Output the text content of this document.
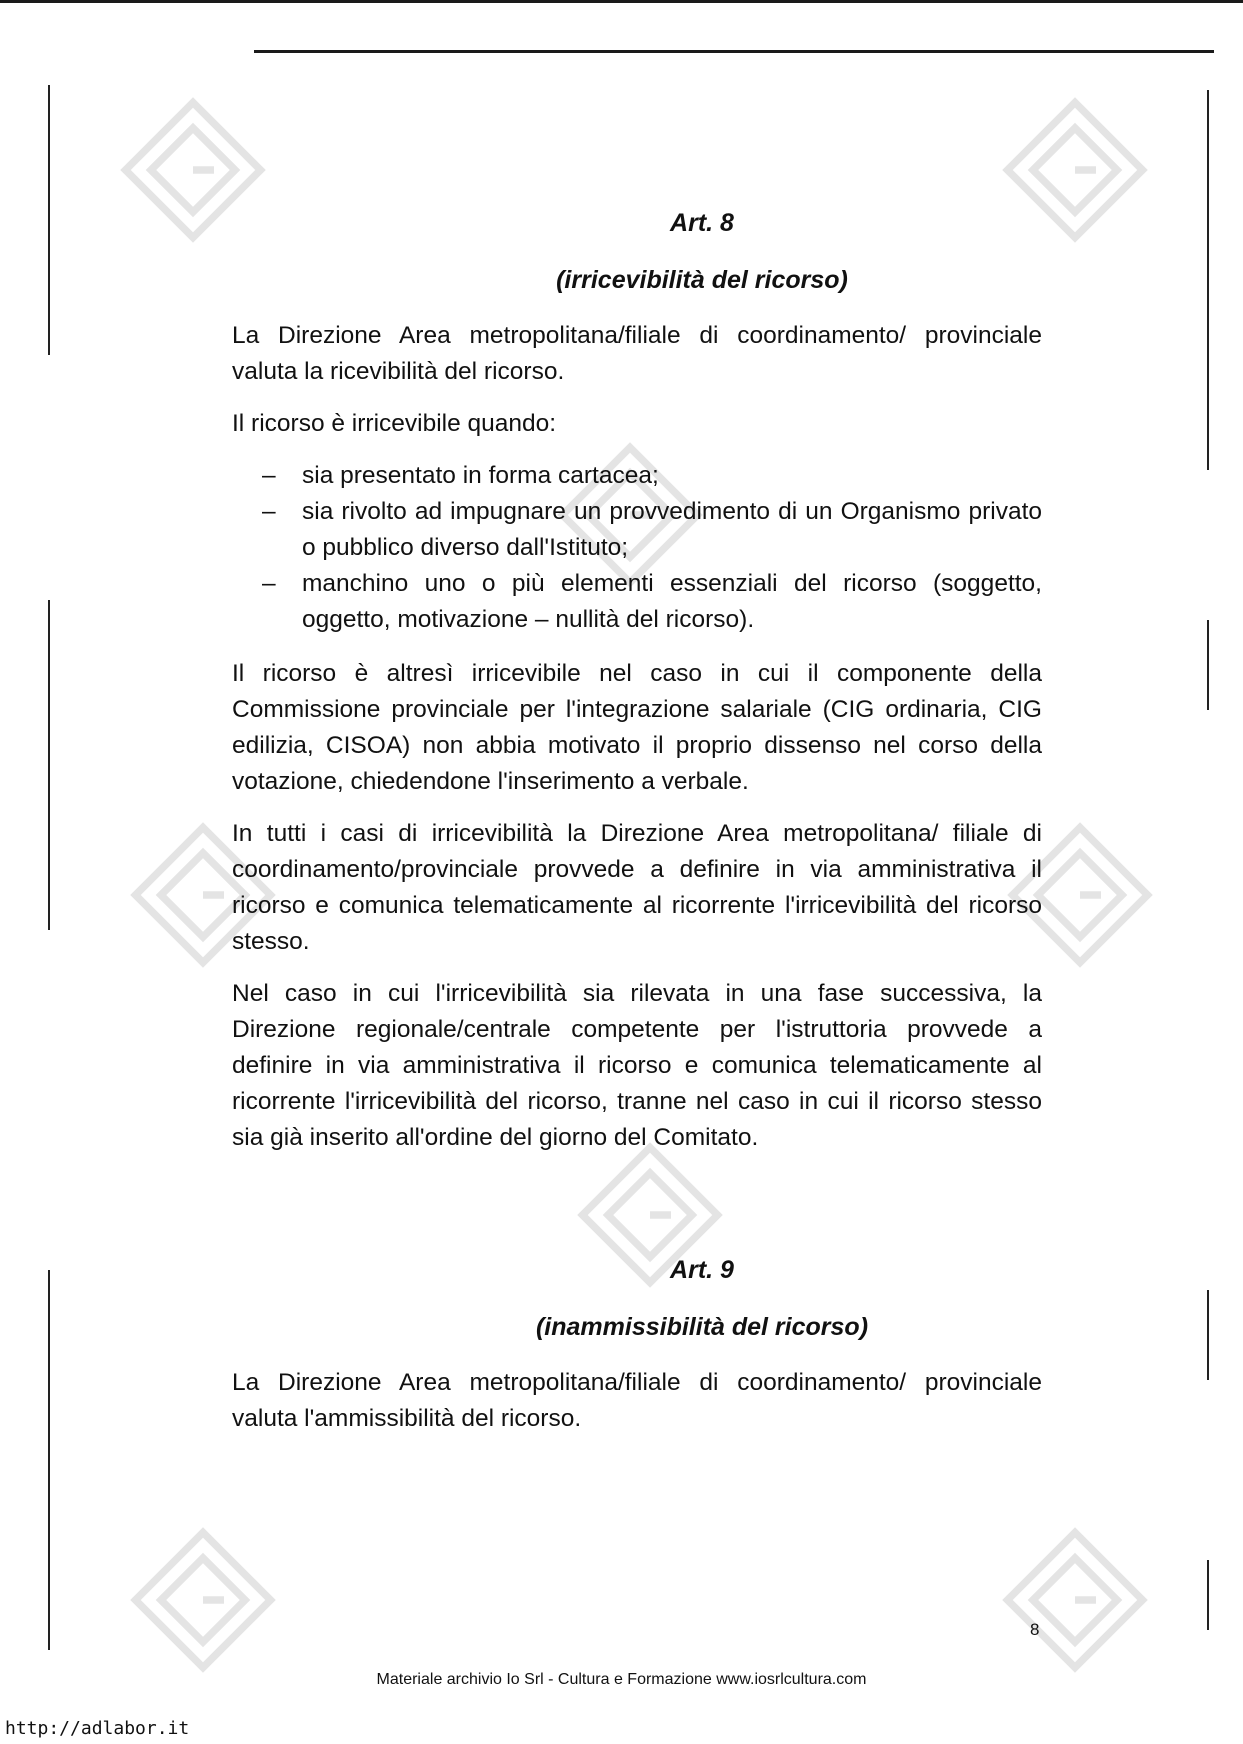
Art. 8
(irricevibilità del ricorso)

La Direzione Area metropolitana/filiale di coordinamento/ provinciale valuta la ricevibilità del ricorso.

Il ricorso è irricevibile quando:

– sia presentato in forma cartacea;
– sia rivolto ad impugnare un provvedimento di un Organismo privato o pubblico diverso dall'Istituto;
– manchino uno o più elementi essenziali del ricorso (soggetto, oggetto, motivazione – nullità del ricorso).

Il ricorso è altresì irricevibile nel caso in cui il componente della Commissione provinciale per l'integrazione salariale (CIG ordinaria, CIG edilizia, CISOA) non abbia motivato il proprio dissenso nel corso della votazione, chiedendone l'inserimento a verbale.

In tutti i casi di irricevibilità la Direzione Area metropolitana/ filiale di coordinamento/provinciale provvede a definire in via amministrativa il ricorso e comunica telematicamente al ricorrente l'irricevibilità del ricorso stesso.

Nel caso in cui l'irricevibilità sia rilevata in una fase successiva, la Direzione regionale/centrale competente per l'istruttoria provvede a definire in via amministrativa il ricorso e comunica telematicamente al ricorrente l'irricevibilità del ricorso, tranne nel caso in cui il ricorso stesso sia già inserito all'ordine del giorno del Comitato.

Art. 9
(inammissibilità del ricorso)

La Direzione Area metropolitana/filiale di coordinamento/ provinciale valuta l'ammissibilità del ricorso.

8
Materiale archivio Io Srl - Cultura e Formazione www.iosrlcultura.com
http://adlabor.it
